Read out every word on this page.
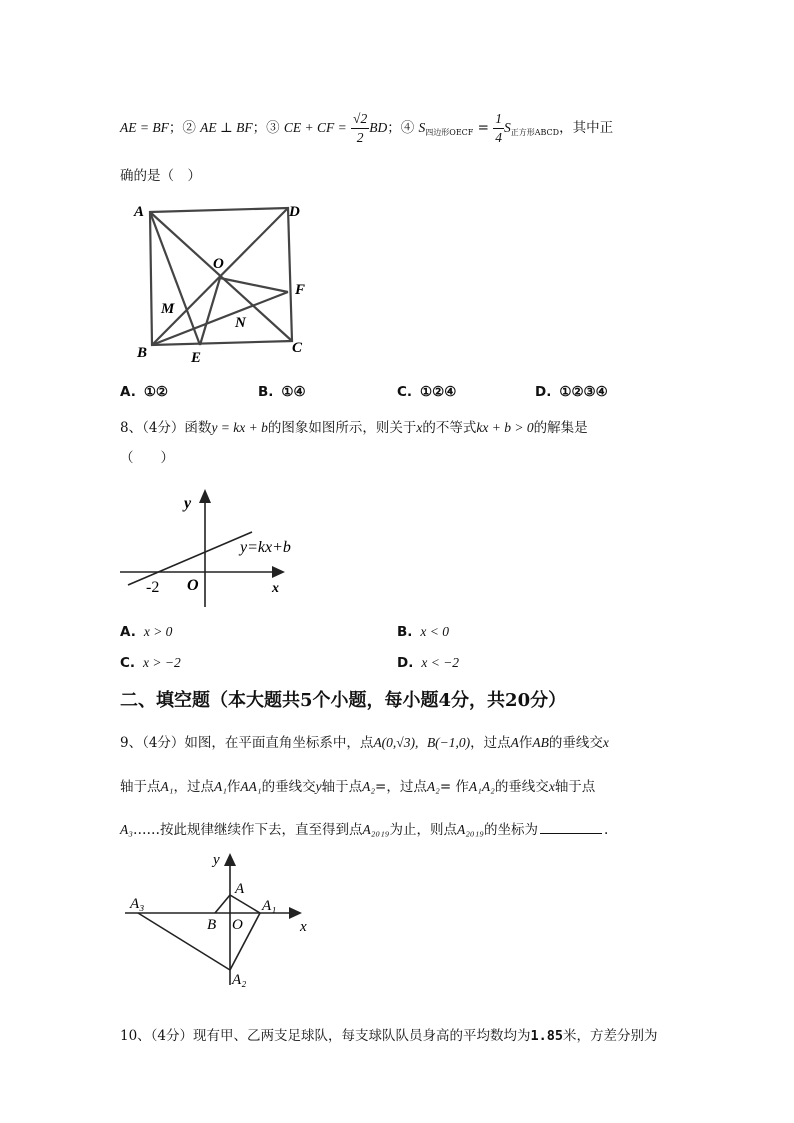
AE = BF；② AE ⊥ BF；③ CE + CF = $\frac{√2}{2}$ BD；④ $S_{四边形OECF} = \frac{1}{4} S_{正方形ABCD}$，其中正
确的是（　）
A	D
O
F
M
N
B	E
C
A. ①②	B. ①④	C. ①②④	D. ①②③④
8、（4分）函数y = kx + b的图象如图所示，则关于x的不等式kx + b > 0的解集是
（　　）
y
x
O
y=kx+b
-2
A. x > 0	B. x < 0
C. x > −2	D. x < −2
二、填空题（本大题共5个小题，每小题4分，共20分）
9、（4分）如图，在平面直角坐标系中，点A(0,√3), B(−1,0)，过点A作AB的垂线交x
轴于点A₁，过点A₁作AA₁的垂线交y轴于点A₂=，过点A₂= 作A₁A₂的垂线交x轴于点
A₃……按此规律继续作下去，直至得到点A₂₀₁₉为止，则点A₂₀₁₉的坐标为	.
y
x
A
A₁
A₂
A₃
B O
10、（4分）现有甲、乙两支足球队，每支球队队员身高的平均数均为1.85米，方差分别为
